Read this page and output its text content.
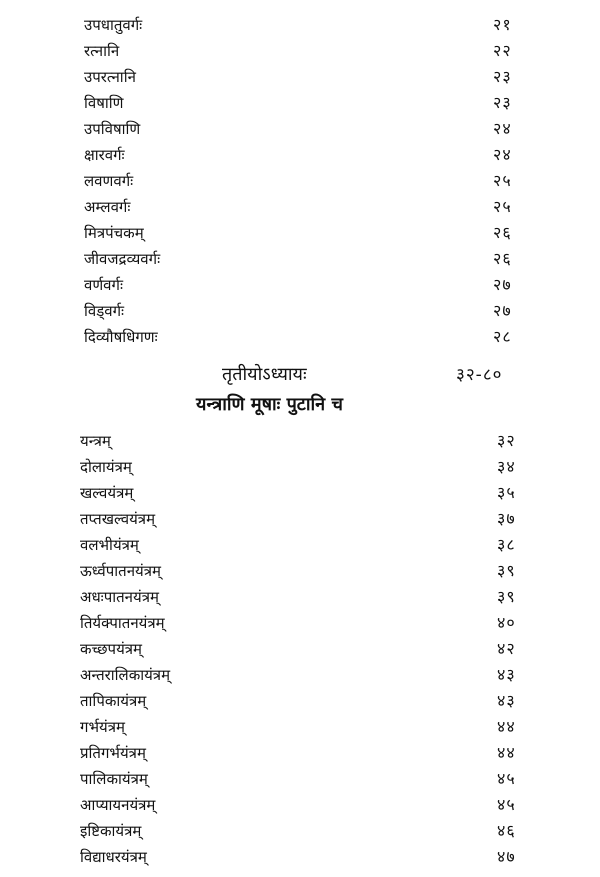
उपधातुवर्गः	२१
रत्नानि	२२
उपरत्नानि	२३
विषाणि	२३
उपविषाणि	२४
क्षारवर्गः	२४
लवणवर्गः	२५
अम्लवर्गः	२५
मित्रपंचकम्	२६
जीवजद्रव्यवर्गः	२६
वर्णवर्गः	२७
विड्वर्गः	२७
दिव्यौषधिगणः	२८
तृतीयोऽध्यायः	३२-८०
यन्त्राणि मूषाः पुटानि च
यन्त्रम्	३२
दोलायंत्रम्	३४
खल्वयंत्रम्	३५
तप्तखल्वयंत्रम्	३७
वलभीयंत्रम्	३८
ऊर्ध्वपातनयंत्रम्	३९
अधःपातनयंत्रम्	३९
तिर्यक्पातनयंत्रम्	४०
कच्छपयंत्रम्	४२
अन्तरालिकायंत्रम्	४३
तापिकायंत्रम्	४३
गर्भयंत्रम्	४४
प्रतिगर्भयंत्रम्	४४
पालिकायंत्रम्	४५
आप्यायनयंत्रम्	४५
इष्टिकायंत्रम्	४६
विद्याधरयंत्रम्	४७
